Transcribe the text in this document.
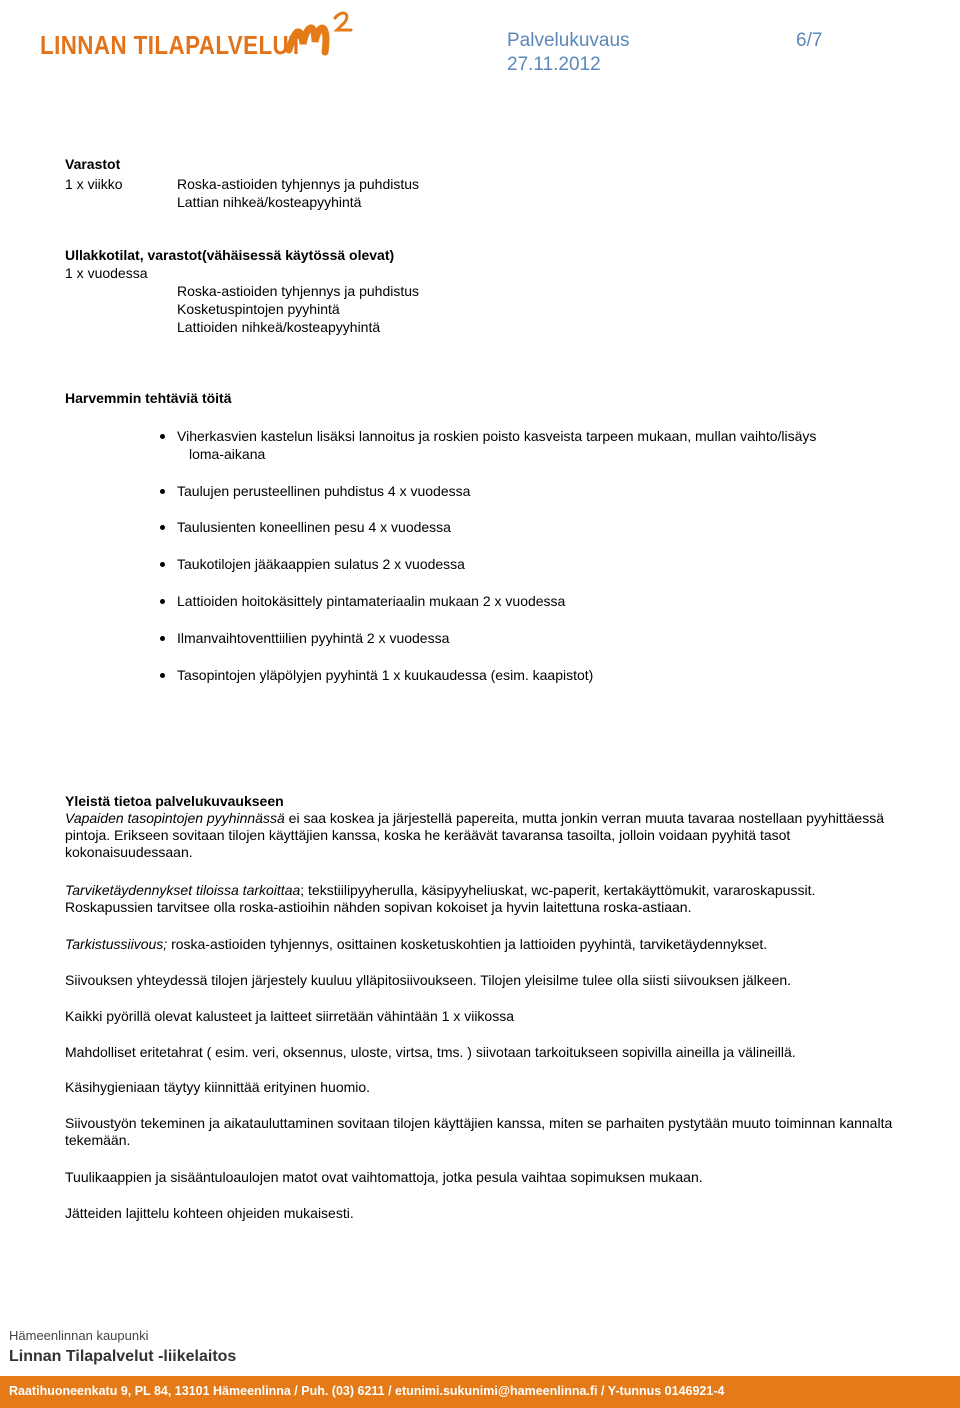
LINNAN TILAPALVELUT	Palvelukuvaus	6/7
27.11.2012
Varastot
1 x viikko	Roska-astioiden tyhjennys ja puhdistus
Lattian nihkeä/kosteapyyhintä
Ullakkotilat, varastot(vähäisessä käytössä olevat)
1 x vuodessa
Roska-astioiden tyhjennys ja puhdistus
Kosketuspintojen pyyhintä
Lattioiden nihkeä/kosteapyyhintä
Harvemmin tehtäviä töitä
Viherkasvien kastelun lisäksi lannoitus ja roskien poisto kasveista tarpeen mukaan, mullan vaihto/lisäys
loma-aikana
Taulujen perusteellinen puhdistus 4 x vuodessa
Taulusienten koneellinen pesu 4 x vuodessa
Taukotilojen jääkaappien sulatus 2 x vuodessa
Lattioiden hoitokäsittely pintamateriaalin mukaan 2 x vuodessa
Ilmanvaihtoventtiilien pyyhintä 2 x vuodessa
Tasopintojen yläpölyjen pyyhintä 1 x kuukaudessa (esim. kaapistot)
Yleistä tietoa palvelukuvaukseen
Vapaiden tasopintojen pyyhinnässä ei saa koskea ja järjestellä papereita, mutta jonkin verran muuta tavaraa nostellaan pyyhittäessä pintoja. Erikseen sovitaan tilojen käyttäjien kanssa, koska he keräävät tavaransa tasoilta, jolloin voidaan pyyhitä tasot kokonaisuudessaan.
Tarviketäydennykset tiloissa tarkoittaa; tekstiilipyyherulla, käsipyyheliuskat, wc-paperit, kertakäyttömukit, vararoskapussit. Roskapussien tarvitsee olla roska-astioihin nähden sopivan kokoiset ja hyvin laitettuna roska-astiaan.
Tarkistussiivous; roska-astioiden tyhjennys, osittainen kosketuskohtien ja lattioiden pyyhintä, tarviketäydennykset.
Siivouksen yhteydessä tilojen järjestely kuuluu ylläpitosiivoukseen. Tilojen yleisilme tulee olla siisti siivouksen jälkeen.
Kaikki pyörillä olevat kalusteet ja laitteet siirretään vähintään 1 x viikossa
Mahdolliset eritetahrat ( esim. veri, oksennus, uloste, virtsa, tms. ) siivotaan tarkoitukseen sopivilla aineilla ja välineillä.
Käsihygieniaan täytyy kiinnittää erityinen huomio.
Siivoustyön tekeminen ja aikatauluttaminen sovitaan tilojen käyttäjien kanssa, miten se parhaiten pystytään muuto toiminnan kannalta tekemään.
Tuulikaappien ja sisääntuloaulojen matot ovat vaihtomattoja, jotka pesula vaihtaa sopimuksen mukaan.
Jätteiden lajittelu kohteen ohjeiden mukaisesti.
Hämeenlinnan kaupunki
Linnan Tilapalvelut -liikelaitos
Raatihuoneenkatu 9, PL 84, 13101 Hämeenlinna / Puh. (03) 6211 / etunimi.sukunimi@hameenlinna.fi / Y-tunnus 0146921-4
